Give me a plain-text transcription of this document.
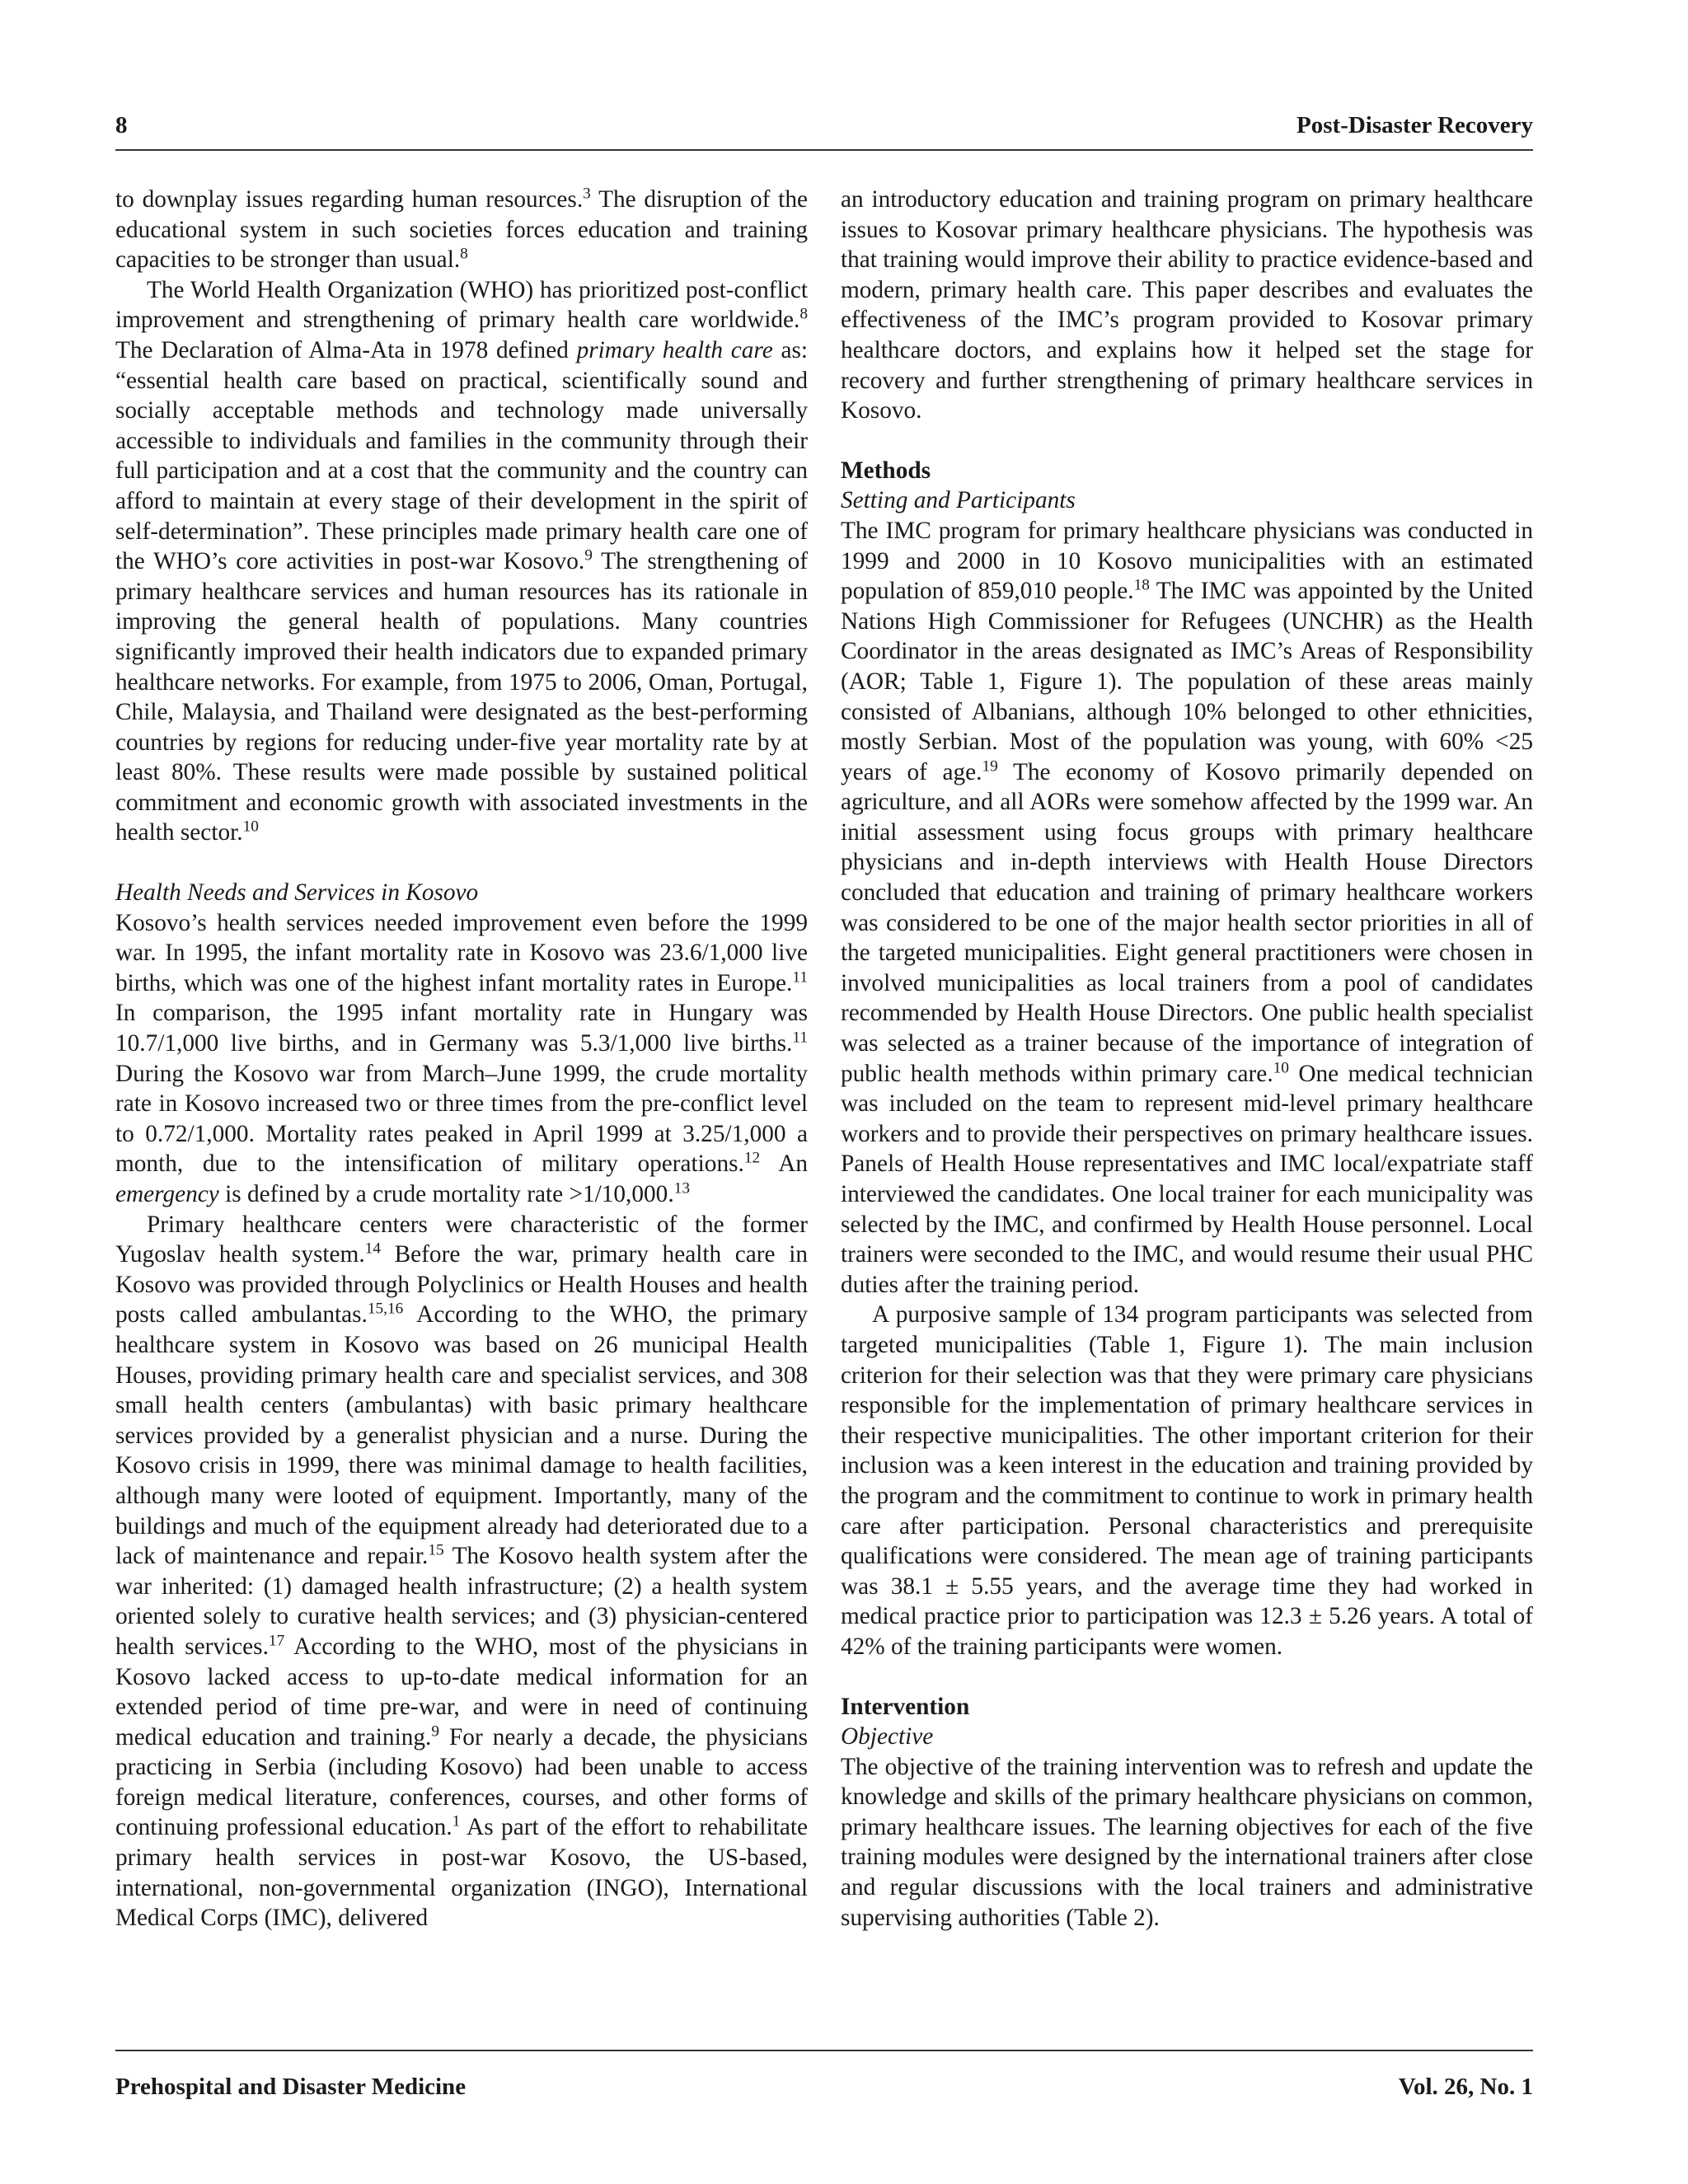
8	Post-Disaster Recovery

to downplay issues regarding human resources.$^3$ The disruption of the educational system in such societies forces education and training capacities to be stronger than usual.$^8$

The World Health Organization (WHO) has prioritized post-conflict improvement and strengthening of primary health care worldwide.$^8$ The Declaration of Alma-Ata in 1978 defined primary health care as: “essential health care based on practical, scientifically sound and socially acceptable methods and technology made universally accessible to individuals and families in the community through their full participation and at a cost that the community and the country can afford to maintain at every stage of their development in the spirit of self-determination”. These principles made primary health care one of the WHO’s core activities in post-war Kosovo.$^9$ The strengthening of primary healthcare services and human resources has its rationale in improving the general health of populations. Many countries significantly improved their health indicators due to expanded primary healthcare networks. For example, from 1975 to 2006, Oman, Portugal, Chile, Malaysia, and Thailand were designated as the best-performing countries by regions for reducing under-five year mortality rate by at least 80%. These results were made possible by sustained political commitment and economic growth with associated investments in the health sector.$^{10}$

Health Needs and Services in Kosovo

Kosovo’s health services needed improvement even before the 1999 war. In 1995, the infant mortality rate in Kosovo was 23.6/1,000 live births, which was one of the highest infant mortality rates in Europe.$^{11}$ In comparison, the 1995 infant mortality rate in Hungary was 10.7/1,000 live births, and in Germany was 5.3/1,000 live births.$^{11}$ During the Kosovo war from March–June 1999, the crude mortality rate in Kosovo increased two or three times from the pre-conflict level to 0.72/1,000. Mortality rates peaked in April 1999 at 3.25/1,000 a month, due to the intensification of military operations.$^{12}$ An emergency is defined by a crude mortality rate >1/10,000.13

Primary healthcare centers were characteristic of the former Yugoslav health system.$^{14}$ Before the war, primary health care in Kosovo was provided through Polyclinics or Health Houses and health posts called ambulantas.$^{15,16}$ According to the WHO, the primary healthcare system in Kosovo was based on 26 municipal Health Houses, providing primary health care and specialist services, and 308 small health centers (ambulantas) with basic primary healthcare services provided by a generalist physician and a nurse. During the Kosovo crisis in 1999, there was minimal damage to health facilities, although many were looted of equipment. Importantly, many of the buildings and much of the equipment already had deteriorated due to a lack of maintenance and repair.$^{15}$ The Kosovo health system after the war inherited: (1) damaged health infrastructure; (2) a health system oriented solely to curative health services; and (3) physician-centered health services.$^{17}$ According to the WHO, most of the physicians in Kosovo lacked access to up-to-date medical information for an extended period of time pre-war, and were in need of continuing medical education and training.$^9$ For nearly a decade, the physicians practicing in Serbia (including Kosovo) had been unable to access foreign medical literature, conferences, courses, and other forms of continuing professional education.$^1$ As part of the effort to rehabilitate primary health services in post-war Kosovo, the US-based, international, non-governmental organization (INGO), International Medical Corps (IMC), delivered

an introductory education and training program on primary healthcare issues to Kosovar primary healthcare physicians. The hypothesis was that training would improve their ability to practice evidence-based and modern, primary health care. This paper describes and evaluates the effectiveness of the IMC’s program provided to Kosovar primary healthcare doctors, and explains how it helped set the stage for recovery and further strengthening of primary healthcare services in Kosovo.

Methods

Setting and Participants

The IMC program for primary healthcare physicians was conducted in 1999 and 2000 in 10 Kosovo municipalities with an estimated population of 859,010 people.$^{18}$ The IMC was appointed by the United Nations High Commissioner for Refugees (UNCHR) as the Health Coordinator in the areas designated as IMC’s Areas of Responsibility (AOR; Table 1, Figure 1). The population of these areas mainly consisted of Albanians, although 10% belonged to other ethnicities, mostly Serbian. Most of the population was young, with 60% <25 years of age.$^{19}$ The economy of Kosovo primarily depended on agriculture, and all AORs were somehow affected by the 1999 war. An initial assessment using focus groups with primary healthcare physicians and in-depth interviews with Health House Directors concluded that education and training of primary healthcare workers was considered to be one of the major health sector priorities in all of the targeted municipalities. Eight general practitioners were chosen in involved municipalities as local trainers from a pool of candidates recommended by Health House Directors. One public health specialist was selected as a trainer because of the importance of integration of public health methods within primary care.$^{10}$ One medical technician was included on the team to represent mid-level primary healthcare workers and to provide their perspectives on primary healthcare issues. Panels of Health House representatives and IMC local/expatriate staff interviewed the candidates. One local trainer for each municipality was selected by the IMC, and confirmed by Health House personnel. Local trainers were seconded to the IMC, and would resume their usual PHC duties after the training period.

A purposive sample of 134 program participants was selected from targeted municipalities (Table 1, Figure 1). The main inclusion criterion for their selection was that they were primary care physicians responsible for the implementation of primary healthcare services in their respective municipalities. The other important criterion for their inclusion was a keen interest in the education and training provided by the program and the commitment to continue to work in primary health care after participation. Personal characteristics and prerequisite qualifications were considered. The mean age of training participants was 38.1 ± 5.55 years, and the average time they had worked in medical practice prior to participation was 12.3 ± 5.26 years. A total of 42% of the training participants were women.

Intervention

Objective

The objective of the training intervention was to refresh and update the knowledge and skills of the primary healthcare physicians on common, primary healthcare issues. The learning objectives for each of the five training modules were designed by the international trainers after close and regular discussions with the local trainers and administrative supervising authorities (Table 2).

Prehospital and Disaster Medicine	Vol. 26, No. 1
